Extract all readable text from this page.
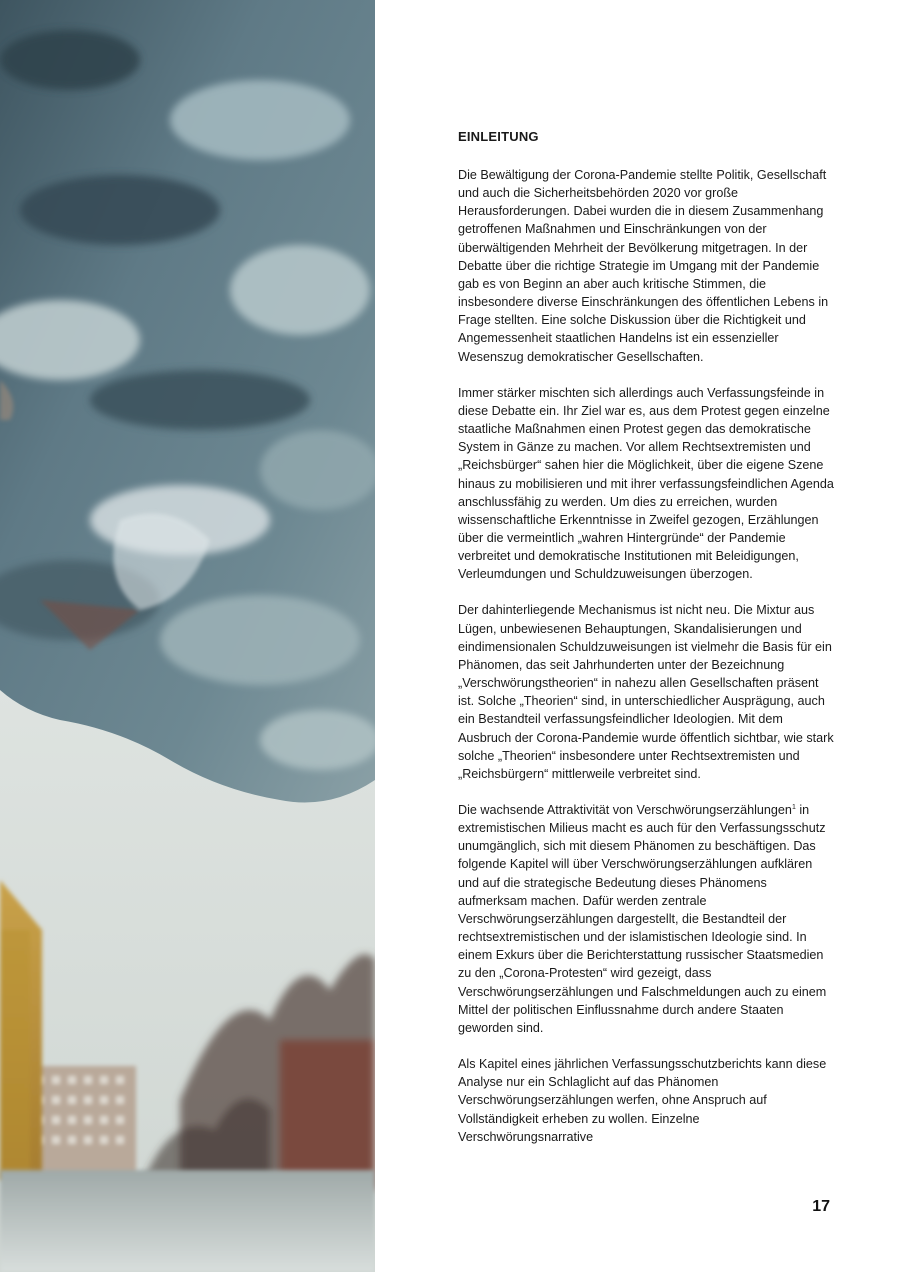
EINLEITUNG

Die Bewältigung der Corona-Pandemie stellte Politik, Gesellschaft und auch die Sicherheitsbehörden 2020 vor große Herausforderungen. Dabei wurden die in diesem Zusammenhang getroffenen Maßnahmen und Einschränkungen von der überwältigenden Mehrheit der Bevölkerung mitgetragen. In der Debatte über die richtige Strategie im Umgang mit der Pandemie gab es von Beginn an aber auch kritische Stimmen, die insbesondere diverse Einschränkungen des öffentlichen Lebens in Frage stellten. Eine solche Diskussion über die Richtigkeit und Angemessenheit staatlichen Handelns ist ein essenzieller Wesenszug demokratischer Gesellschaften.

Immer stärker mischten sich allerdings auch Verfassungsfeinde in diese Debatte ein. Ihr Ziel war es, aus dem Protest gegen einzelne staatliche Maßnahmen einen Protest gegen das demokratische System in Gänze zu machen. Vor allem Rechtsextremisten und „Reichsbürger“ sahen hier die Möglichkeit, über die eigene Szene hinaus zu mobilisieren und mit ihrer verfassungsfeindlichen Agenda anschlussfähig zu werden. Um dies zu erreichen, wurden wissenschaftliche Erkenntnisse in Zweifel gezogen, Erzählungen über die vermeintlich „wahren Hintergründe“ der Pandemie verbreitet und demokratische Institutionen mit Beleidigungen, Verleumdungen und Schuldzuweisungen überzogen.

Der dahinterliegende Mechanismus ist nicht neu. Die Mixtur aus Lügen, unbewiesenen Behauptungen, Skandalisierungen und eindimensionalen Schuldzuweisungen ist vielmehr die Basis für ein Phänomen, das seit Jahrhunderten unter der Bezeichnung „Verschwörungstheorien“ in nahezu allen Gesellschaften präsent ist. Solche „Theorien“ sind, in unterschiedlicher Ausprägung, auch ein Bestandteil verfassungsfeindlicher Ideologien. Mit dem Ausbruch der Corona-Pandemie wurde öffentlich sichtbar, wie stark solche „Theorien“ insbesondere unter Rechtsextremisten und „Reichsbürgern“ mittlerweile verbreitet sind.

Die wachsende Attraktivität von Verschwörungserzählungen$^1$ in extremistischen Milieus macht es auch für den Verfassungsschutz unumgänglich, sich mit diesem Phänomen zu beschäftigen. Das folgende Kapitel will über Verschwörungserzählungen aufklären und auf die strategische Bedeutung dieses Phänomens aufmerksam machen. Dafür werden zentrale Verschwörungserzählungen dargestellt, die Bestandteil der rechtsextremistischen und der islamistischen Ideologie sind. In einem Exkurs über die Berichterstattung russischer Staatsmedien zu den „Corona-Protesten“ wird gezeigt, dass Verschwörungserzählungen und Falschmeldungen auch zu einem Mittel der politischen Einflussnahme durch andere Staaten geworden sind.

Als Kapitel eines jährlichen Verfassungsschutzberichts kann diese Analyse nur ein Schlaglicht auf das Phänomen Verschwörungserzählungen werfen, ohne Anspruch auf Vollständigkeit erheben zu wollen. Einzelne Verschwörungsnarrative

17
